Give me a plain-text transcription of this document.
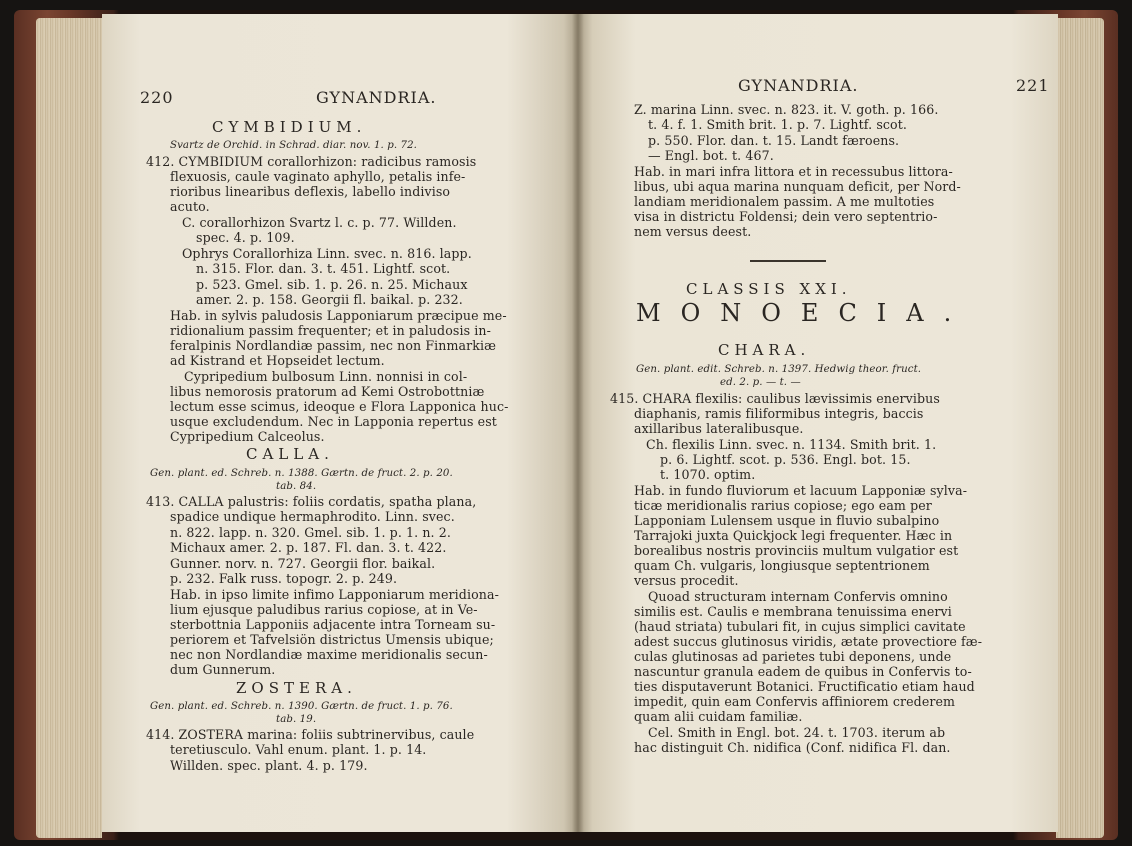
220	GYNANDRIA.
GYNANDRIA.	221
CYMBIDIUM.
Svartz de Orchid. in Schrad. diar. nov. 1. p. 72.
412. CYMBIDIUM corallorhizon: radicibus ramosis
flexuosis, caule vaginato aphyllo, petalis infe-
rioribus linearibus deflexis, labello indiviso
acuto.
C. corallorhizon Svartz l. c. p. 77. Willden.
spec. 4. p. 109.
Ophrys Corallorhiza Linn. svec. n. 816. lapp.
n. 315. Flor. dan. 3. t. 451. Lightf. scot.
p. 523. Gmel. sib. 1. p. 26. n. 25. Michaux
amer. 2. p. 158. Georgii fl. baikal. p. 232.
Hab. in sylvis paludosis Lapponiarum præcipue me-
ridionalium passim frequenter; et in paludosis in-
feralpinis Nordlandiæ passim, nec non Finmarkiæ
ad Kistrand et Hopseidet lectum.
Cypripedium bulbosum Linn. nonnisi in col-
libus nemorosis pratorum ad Kemi Ostrobottniæ
lectum esse scimus, ideoque e Flora Lapponica huc-
usque excludendum. Nec in Lapponia repertus est
Cypripedium Calceolus.
CALLA.
Gen. plant. ed. Schreb. n. 1388. Gærtn. de fruct. 2. p. 20.
tab. 84.
413. CALLA palustris: foliis cordatis, spatha plana,
spadice undique hermaphrodito. Linn. svec.
n. 822. lapp. n. 320. Gmel. sib. 1. p. 1. n. 2.
Michaux amer. 2. p. 187. Fl. dan. 3. t. 422.
Gunner. norv. n. 727. Georgii flor. baikal.
p. 232. Falk russ. topogr. 2. p. 249.
Hab. in ipso limite infimo Lapponiarum meridiona-
lium ejusque paludibus rarius copiose, at in Ve-
sterbottnia Lapponiis adjacente intra Torneam su-
periorem et Tafvelsiön districtus Umensis ubique;
nec non Nordlandiæ maxime meridionalis secun-
dum Gunnerum.
ZOSTERA.
Gen. plant. ed. Schreb. n. 1390. Gærtn. de fruct. 1. p. 76.
tab. 19.
414. ZOSTERA marina: foliis subtrinervibus, caule
teretiusculo. Vahl enum. plant. 1. p. 14.
Willden. spec. plant. 4. p. 179.
Z. marina Linn. svec. n. 823. it. V. goth. p. 166.
t. 4. f. 1. Smith brit. 1. p. 7. Lightf. scot.
p. 550. Flor. dan. t. 15. Landt færoens.
— Engl. bot. t. 467.
Hab. in mari infra littora et in recessubus littora-
libus, ubi aqua marina nunquam deficit, per Nord-
landiam meridionalem passim. A me multoties
visa in districtu Foldensi; dein vero septentrio-
nem versus deest.
CLASSIS XXI.
MONOECIA.
CHARA.
Gen. plant. edit. Schreb. n. 1397. Hedwig theor. fruct.
ed. 2. p. — t. —
415. CHARA flexilis: caulibus lævissimis enervibus
diaphanis, ramis filiformibus integris, baccis
axillaribus lateralibusque.
Ch. flexilis Linn. svec. n. 1134. Smith brit. 1.
p. 6. Lightf. scot. p. 536. Engl. bot. 15.
t. 1070. optim.
Hab. in fundo fluviorum et lacuum Lapponiæ sylva-
ticæ meridionalis rarius copiose; ego eam per
Lapponiam Lulensem usque in fluvio subalpino
Tarrajoki juxta Quickjock legi frequenter. Hæc in
borealibus nostris provinciis multum vulgatior est
quam Ch. vulgaris, longiusque septentrionem
versus procedit.
Quoad structuram internam Confervis omnino
similis est. Caulis e membrana tenuissima enervi
(haud striata) tubulari fit, in cujus simplici cavitate
adest succus glutinosus viridis, ætate provectiore fæ-
culas glutinosas ad parietes tubi deponens, unde
nascuntur granula eadem de quibus in Confervis to-
ties disputaverunt Botanici. Fructificatio etiam haud
impedit, quin eam Confervis affiniorem crederem
quam alii cuidam familiæ.
Cel. Smith in Engl. bot. 24. t. 1703. iterum ab
hac distinguit Ch. nidifica (Conf. nidifica Fl. dan.
